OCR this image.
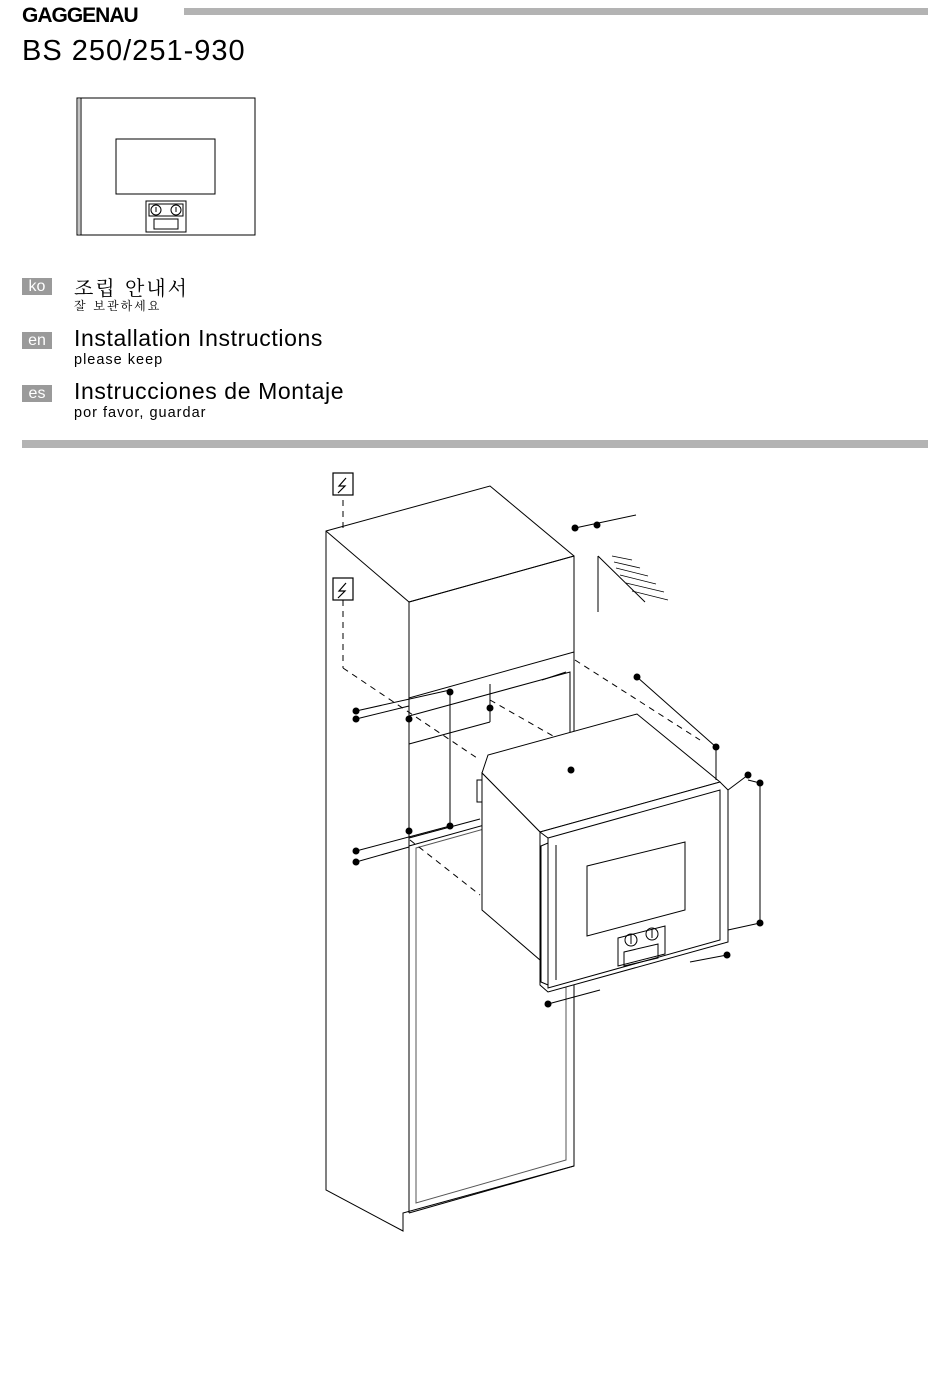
GAGGENAU
BS 250/251-930
ko	조립 안내서
잘 보관하세요
en Installation Instructions
please keep
es Instrucciones de Montaje
por favor, guardar
